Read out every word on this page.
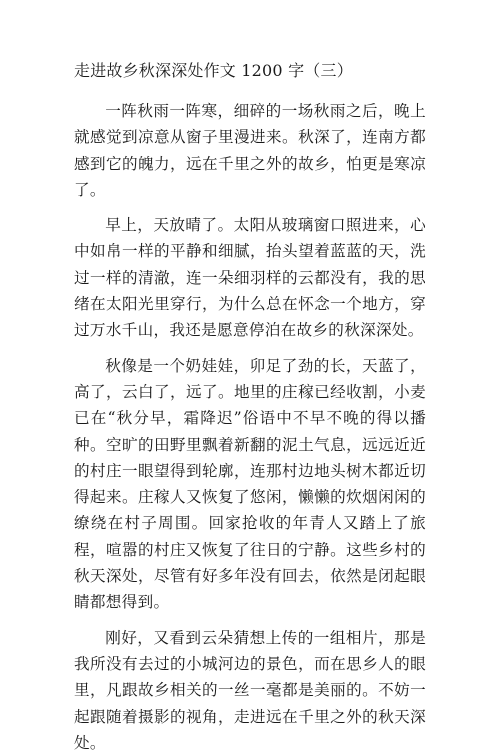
走进故乡秋深深处作文 1200 字（三）

一阵秋雨一阵寒，细碎的一场秋雨之后，晚上就感觉到凉意从窗子里漫进来。秋深了，连南方都感到它的魄力，远在千里之外的故乡，怕更是寒凉了。

早上，天放晴了。太阳从玻璃窗口照进来，心中如帛一样的平静和细腻，抬头望着蓝蓝的天，洗过一样的清澈，连一朵细羽样的云都没有，我的思绪在太阳光里穿行，为什么总在怀念一个地方，穿过万水千山，我还是愿意停泊在故乡的秋深深处。

秋像是一个奶娃娃，卯足了劲的长，天蓝了，高了，云白了，远了。地里的庄稼已经收割，小麦已在“秋分早，霜降迟”俗语中不早不晚的得以播种。空旷的田野里飘着新翻的泥土气息，远远近近的村庄一眼望得到轮廓，连那村边地头树木都近切得起来。庄稼人又恢复了悠闲，懒懒的炊烟闲闲的缭绕在村子周围。回家抢收的年青人又踏上了旅程，喧嚣的村庄又恢复了往日的宁静。这些乡村的秋天深处，尽管有好多年没有回去，依然是闭起眼睛都想得到。

刚好，又看到云朵猜想上传的一组相片，那是我所没有去过的小城河边的景色，而在思乡人的眼里，凡跟故乡相关的一丝一毫都是美丽的。不妨一起跟随着摄影的视角，走进远在千里之外的秋天深处。
